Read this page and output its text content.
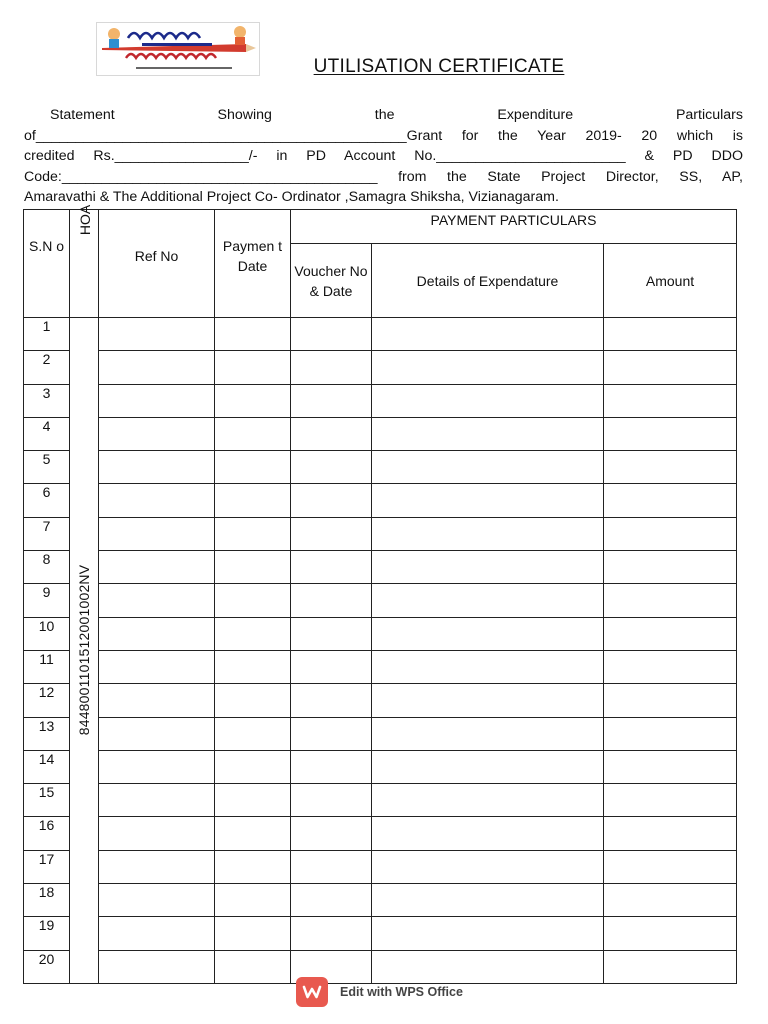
UTILISATION CERTIFICATE
Statement	Showing	the	Expenditure	Particulars
of_______________________________________________Grant for the Year 2019- 20 which is
credited Rs._________________/- in PD Account No.________________________ & PD DDO
Code:________________________________________ from the State Project Director, SS, AP,
Amaravathi & The Additional Project Co- Ordinator ,Samagra Shiksha, Vizianagaram.
S.N o	HOA	Ref No	Paymen t Date	PAYMENT PARTICULARS		
				Voucher No & Date	Details of Expendature	Amount
1	844800110151200100​2NV					

2						
3						
4						
5						
6						
7						
8						
9						
10						
11						
12						
13						
14						
15						
16						
17						
18						
19						
20						
Edit with WPS Office
